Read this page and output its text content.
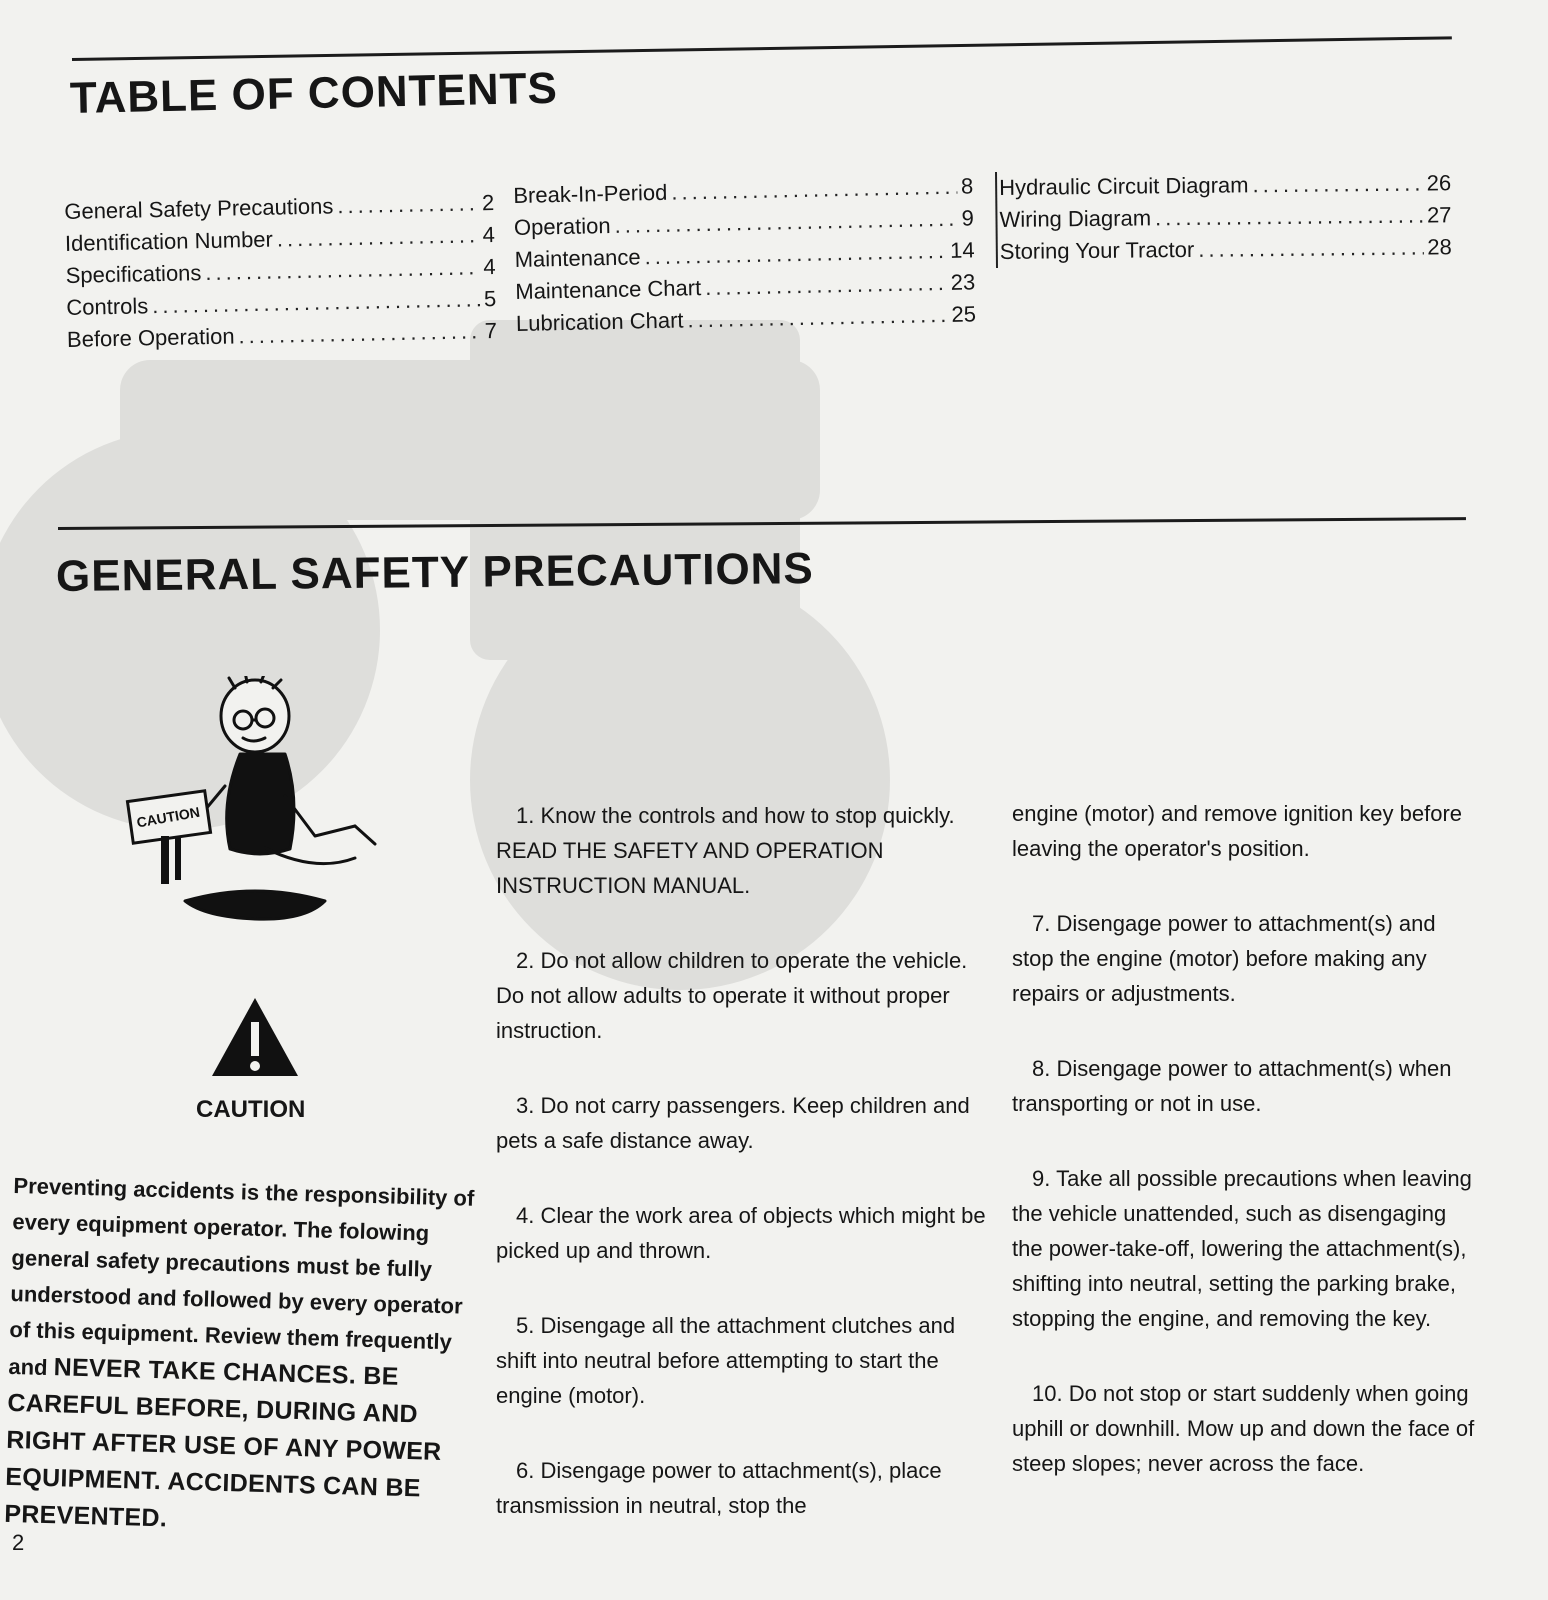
TABLE OF CONTENTS
General Safety Precautions .....	2
Identification Number .....	4
Specifications .....	4
Controls .....	5
Before Operation .....	7
Break-In-Period .....	8
Operation .....	9
Maintenance .....	14
Maintenance Chart .....	23
Lubrication Chart .....	25
Hydraulic Circuit Diagram .....	26
Wiring Diagram .....	27
Storing Your Tractor .....	28
GENERAL SAFETY PRECAUTIONS
CAUTION
CAUTION
Preventing accidents is the responsibility of every equipment operator. The folowing general safety precautions must be fully understood and followed by every operator of this equipment. Review them frequently and NEVER TAKE CHANCES. BE CAREFUL BEFORE, DURING AND RIGHT AFTER USE OF ANY POWER EQUIPMENT. ACCIDENTS CAN BE PREVENTED.
1. Know the controls and how to stop quickly. READ THE SAFETY AND OPERATION INSTRUCTION MANUAL.
2. Do not allow children to operate the vehicle. Do not allow adults to operate it without proper instruction.
3. Do not carry passengers. Keep children and pets a safe distance away.
4. Clear the work area of objects which might be picked up and thrown.
5. Disengage all the attachment clutches and shift into neutral before attempting to start the engine (motor).
6. Disengage power to attachment(s), place transmission in neutral, stop the
engine (motor) and remove ignition key before leaving the operator's position.
7. Disengage power to attachment(s) and stop the engine (motor) before making any repairs or adjustments.
8. Disengage power to attachment(s) when transporting or not in use.
9. Take all possible precautions when leaving the vehicle unattended, such as disengaging the power-take-off, lowering the attachment(s), shifting into neutral, setting the parking brake, stopping the engine, and removing the key.
10. Do not stop or start suddenly when going uphill or downhill. Mow up and down the face of steep slopes; never across the face.
2
